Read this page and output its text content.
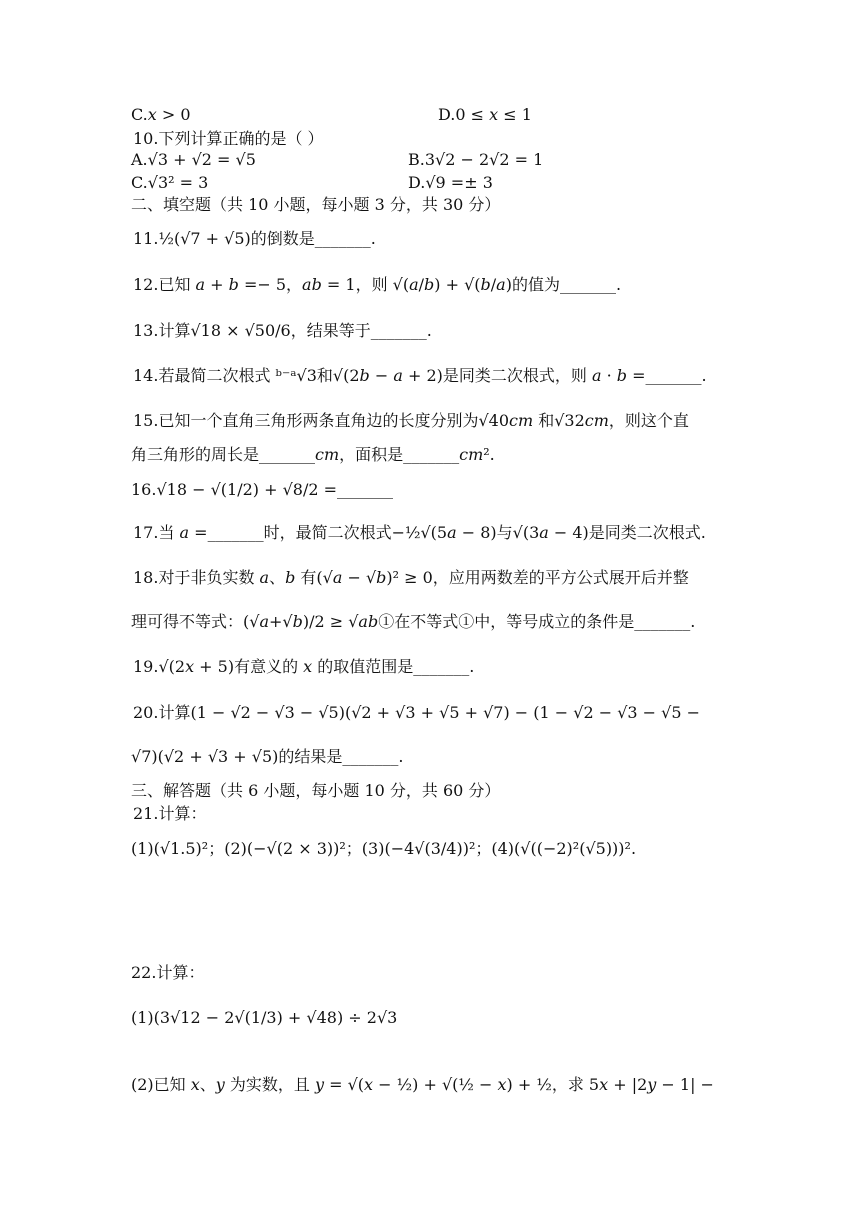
C.𝑥 > 0	D.0 ≤ 𝑥 ≤ 1
10.下列计算正确的是（ ）
A.√3 + √2 = √5	B.3√2 − 2√2 = 1
C.√3² = 3	D.√9 =± 3
二、填空题（共 10 小题，每小题 3 分，共 30 分）
11.½(√7 + √5)的倒数是_______.
12.已知 𝑎 + 𝑏 =− 5，𝑎𝑏 = 1，则 √(𝑎/𝑏) + √(𝑏/𝑎)的值为_______.
13.计算√18 × √50/6，结果等于_______.
14.若最简二次根式 ᵇ⁻ᵃ√3和√(2𝑏 − 𝑎 + 2)是同类二次根式，则 𝑎 · 𝑏 =_______.
15.已知一个直角三角形两条直角边的长度分别为√40𝑐𝑚 和√32𝑐𝑚，则这个直
角三角形的周长是_______𝑐𝑚，面积是_______𝑐𝑚².
16.√18 − √(1/2) + √8/2 =_______
17.当 𝑎 =_______时，最简二次根式−½√(5𝑎 − 8)与√(3𝑎 − 4)是同类二次根式.
18.对于非负实数 𝑎、𝑏 有(√𝑎 − √𝑏)² ≥ 0，应用两数差的平方公式展开后并整
理可得不等式：(√𝑎+√𝑏)/2 ≥ √𝑎𝑏①在不等式①中，等号成立的条件是_______.
19.√(2𝑥 + 5)有意义的 𝑥 的取值范围是_______.
20.计算(1 − √2 − √3 − √5)(√2 + √3 + √5 + √7) − (1 − √2 − √3 − √5 −
√7)(√2 + √3 + √5)的结果是_______.
三、解答题（共 6 小题，每小题 10 分，共 60 分）
21.计算：
(1)(√1.5)²；(2)(−√(2 × 3))²；(3)(−4√(3/4))²；(4)(√((−2)²(√5)))².
22.计算：
(1)(3√12 − 2√(1/3) + √48) ÷ 2√3
(2)已知 𝑥、𝑦 为实数，且 𝑦 = √(𝑥 − ½) + √(½ − 𝑥) + ½，求 5𝑥 + |2𝑦 − 1| −
